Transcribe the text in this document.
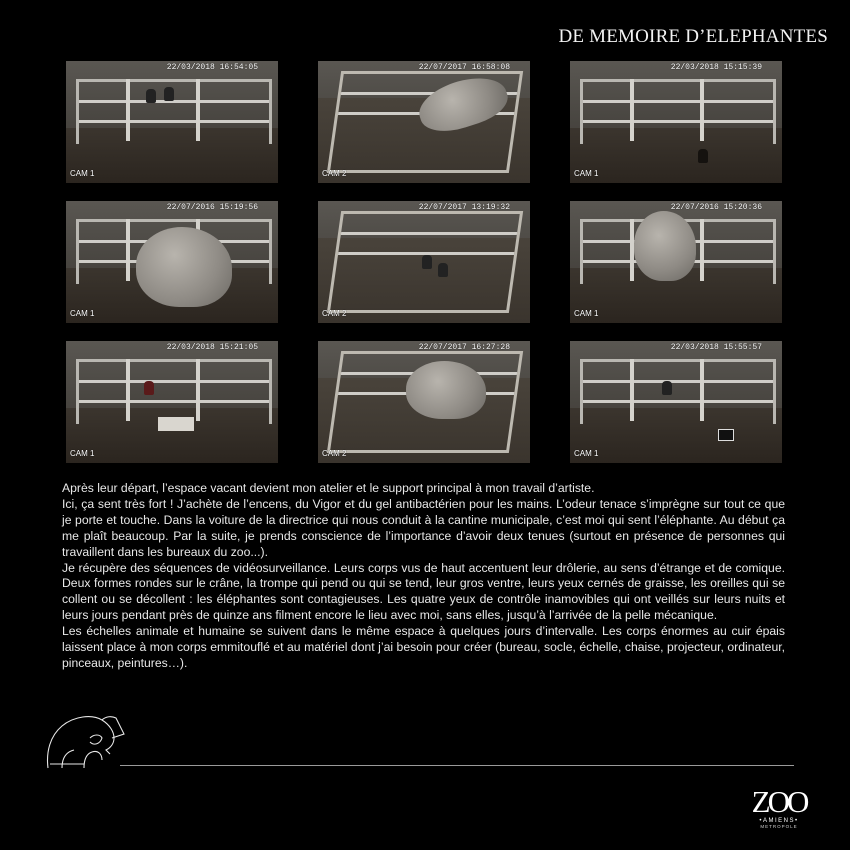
DE MEMOIRE D’ELEPHANTES
22/03/2018 16:54:05
CAM 1
22/07/2017 16:58:08
CAM 2
22/03/2018 15:15:39
CAM 1
22/07/2016 15:19:56
CAM 1
22/07/2017 13:19:32
CAM 2
22/07/2016 15:20:36
CAM 1
22/03/2018 15:21:05
CAM 1
22/07/2017 16:27:28
CAM 2
22/03/2018 15:55:57
CAM 1

Après leur départ, l’espace vacant devient mon atelier et le support principal à mon travail d’artiste.

Ici, ça sent très fort ! J’achète de l’encens, du Vigor et du gel antibactérien pour les mains. L’odeur tenace s’imprègne sur tout ce que je porte et touche. Dans la voiture de la directrice qui nous conduit à la cantine municipale, c’est moi qui sent l’éléphante. Au début ça me plaît beaucoup. Par la suite, je prends conscience de l’importance d’avoir deux tenues (surtout en présence de personnes qui travaillent dans les bureaux du zoo...).

Je récupère des séquences de vidéosurveillance. Leurs corps vus de haut accentuent leur drôlerie, au sens d’étrange et de comique. Deux formes rondes sur le crâne, la trompe qui pend ou qui se tend, leur gros ventre, leurs yeux cernés de graisse, les oreilles qui se collent ou se décollent : les éléphantes sont contagieuses. Les quatre yeux de contrôle inamovibles qui ont veillés sur leurs nuits et leurs jours pendant près de quinze ans filment encore le lieu avec moi, sans elles, jusqu’à l’arrivée de la pelle mécanique.

Les échelles animale et humaine se suivent dans le même espace à quelques jours d’intervalle. Les corps énormes au cuir épais laissent place à mon corps emmitouflé et au matériel dont j’ai besoin pour créer (bureau, socle, échelle, chaise, projecteur, ordinateur, pinceaux, peintures…).

ZOO
•AMIENS•
METROPOLE
